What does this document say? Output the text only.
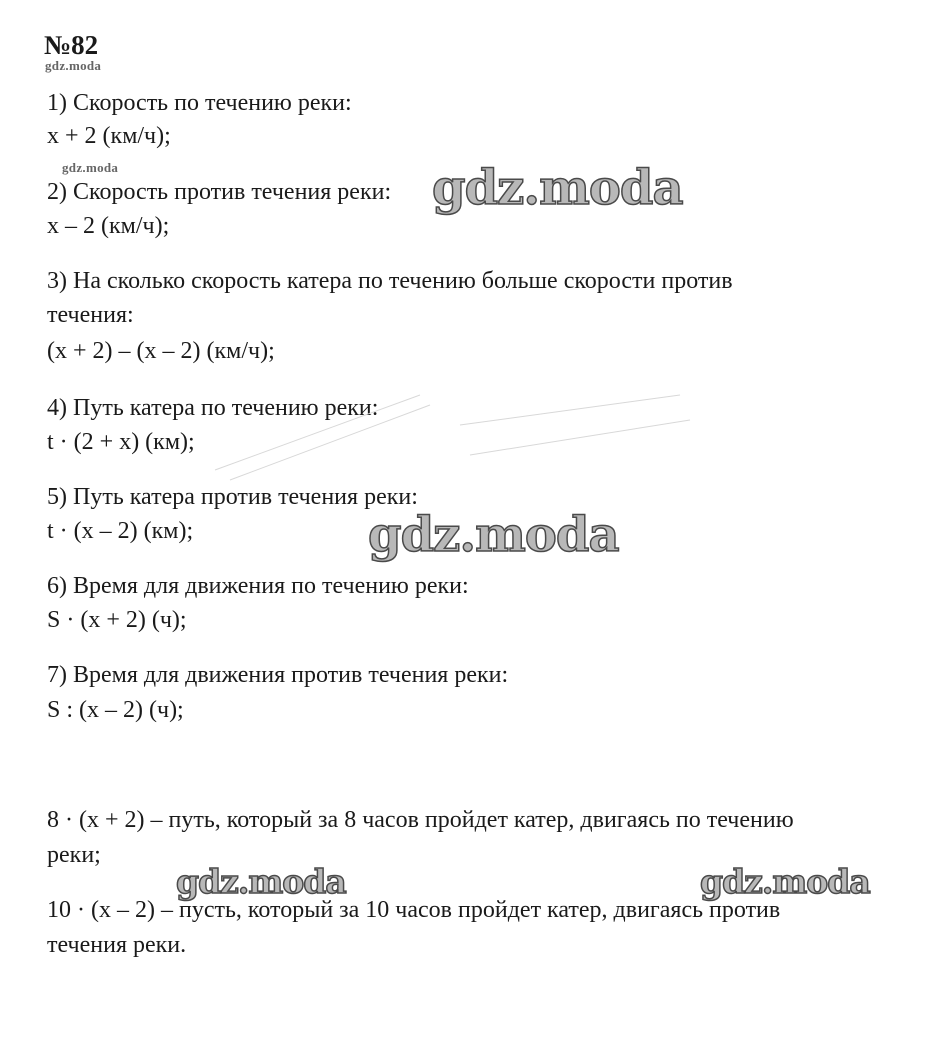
№82
gdz.moda
1) Скорость по течению реки:
x + 2 (км/ч);
gdz.moda
2) Скорость против течения реки:
x – 2 (км/ч);
3) На сколько скорость катера по течению больше скорости против
течения:
(x + 2) – (x – 2) (км/ч);
4) Путь катера по течению реки:
t · (2 + x) (км);
5) Путь катера против течения реки:
t · (x – 2) (км);
6) Время для движения по течению реки:
S · (x + 2) (ч);
7) Время для движения против течения реки:
S : (x – 2) (ч);
8 · (x + 2) – путь, который за 8 часов пройдет катер, двигаясь по течению
реки;
10 · (x – 2) – пусть, который за 10 часов пройдет катер, двигаясь против
течения реки.
gdz.moda
gdz.moda
gdz.moda	gdz.moda
